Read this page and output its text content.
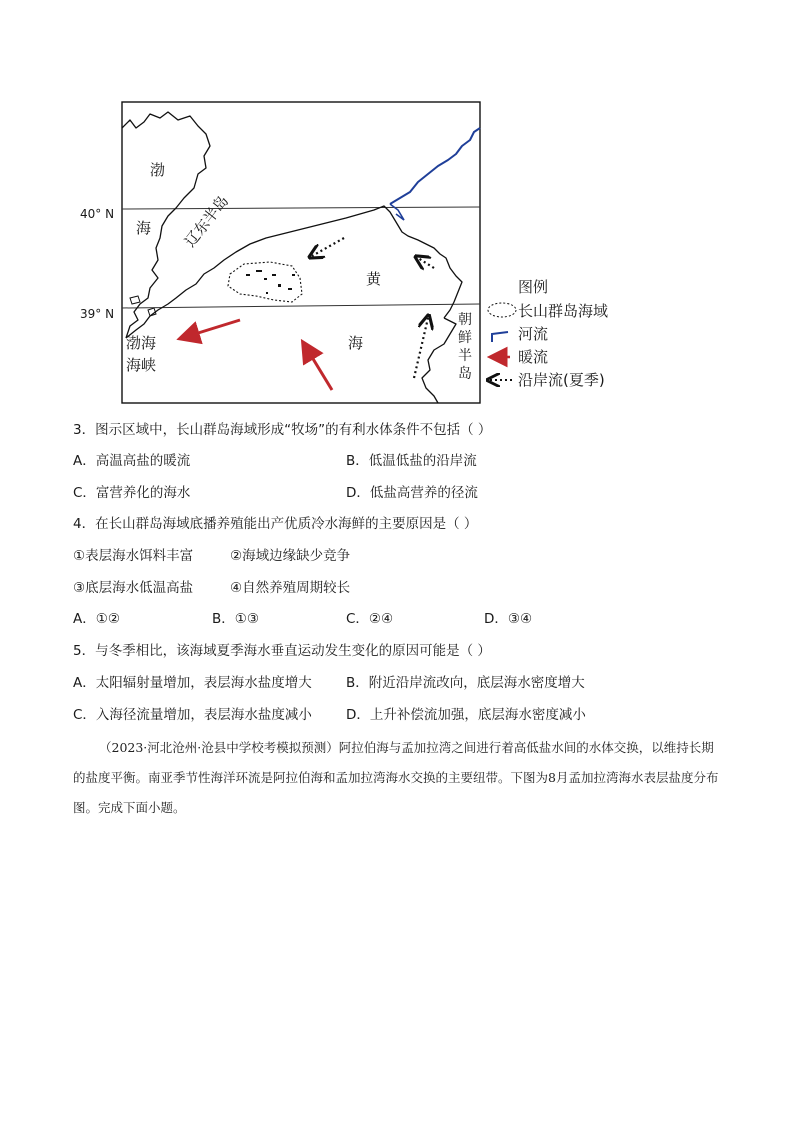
渤
海 辽东半岛
黄
海
渤海
海峡
朝
鲜
半
岛
40° N
39° N
图例
长山群岛海域
河流
暖流
沿岸流(夏季)
3．图示区域中，长山群岛海域形成“牧场”的有利水体条件不包括（ ）
A．高温高盐的暖流	B．低温低盐的沿岸流
C．富营养化的海水	D．低盐高营养的径流
4．在长山群岛海域底播养殖能出产优质冷水海鲜的主要原因是（ ）
①表层海水饵料丰富	②海域边缘缺少竞争
③底层海水低温高盐	④自然养殖周期较长
A．①②	B．①③	C．②④	D．③④
5．与冬季相比，该海域夏季海水垂直运动发生变化的原因可能是（ ）
A．太阳辐射量增加，表层海水盐度增大	B．附近沿岸流改向，底层海水密度增大
C．入海径流量增加，表层海水盐度减小	D．上升补偿流加强，底层海水密度减小
（2023·河北沧州·沧县中学校考模拟预测）阿拉伯海与孟加拉湾之间进行着高低盐水间的水体交换，以维持长期的盐度平衡。南亚季节性海洋环流是阿拉伯海和孟加拉湾海水交换的主要纽带。下图为8月孟加拉湾海水表层盐度分布图。完成下面小题。
